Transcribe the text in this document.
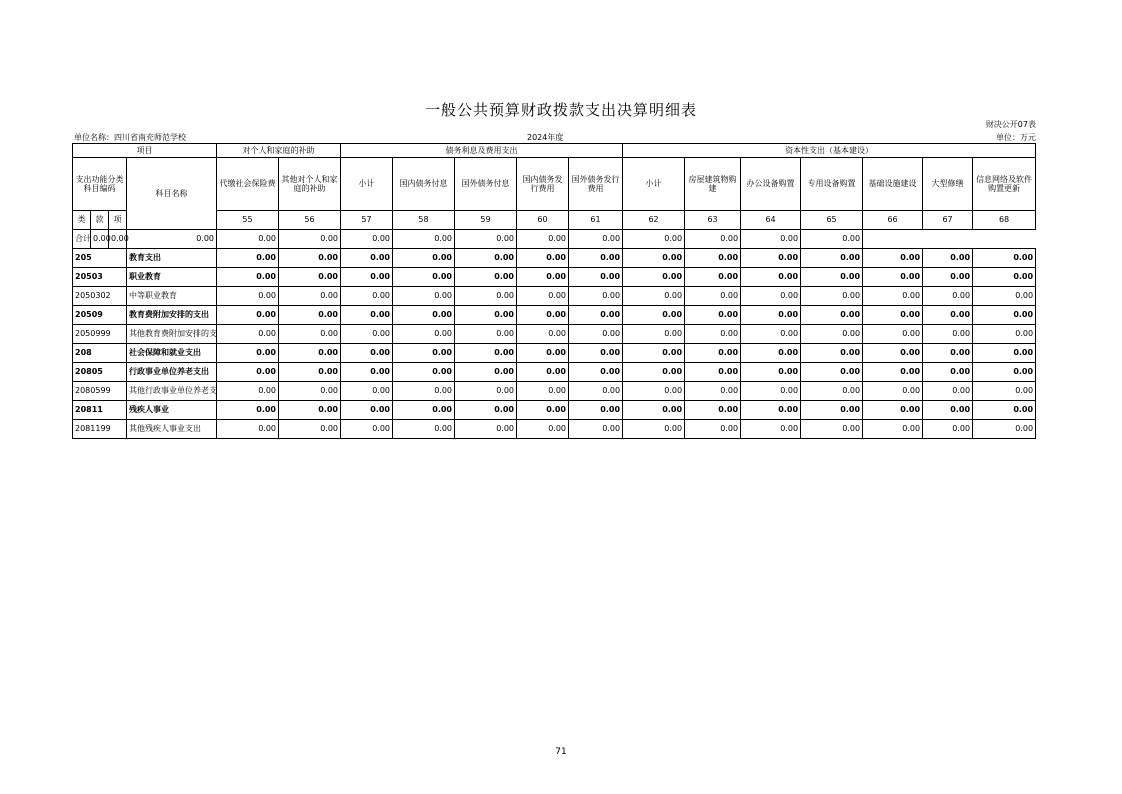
一般公共预算财政拨款支出决算明细表
财决公开07表
单位名称：四川省南充师范学校	2024年度	单位：万元
项目				对个人和家庭的补助		债务利息及费用支出					资本性支出（基本建设）						
支出功能分类科目编码			科目名称	代缴社会保险费	其他对个人和家庭的补助	小计	国内债务付息	国外债务付息	国内债务发行费用	国外债务发行费用	小计	房屋建筑物购建	办公设备购置	专用设备购置	基础设施建设	大型修缮	信息网络及软件购置更新
类	款	项		55	56	57	58	59	60	61	62	63	64	65	66	67	68
合计	0.00	0.00	0.00	0.00	0.00	0.00	0.00	0.00	0.00	0.00	0.00	0.00	0.00	0.00			
205			教育支出	0.00	0.00	0.00	0.00	0.00	0.00	0.00	0.00	0.00	0.00	0.00	0.00	0.00	0.00
20503			职业教育	0.00	0.00	0.00	0.00	0.00	0.00	0.00	0.00	0.00	0.00	0.00	0.00	0.00	0.00
2050302			中等职业教育	0.00	0.00	0.00	0.00	0.00	0.00	0.00	0.00	0.00	0.00	0.00	0.00	0.00	0.00
20509			教育费附加安排的支出	0.00	0.00	0.00	0.00	0.00	0.00	0.00	0.00	0.00	0.00	0.00	0.00	0.00	0.00
2050999			其他教育费附加安排的支	0.00	0.00	0.00	0.00	0.00	0.00	0.00	0.00	0.00	0.00	0.00	0.00	0.00	0.00
208			社会保障和就业支出	0.00	0.00	0.00	0.00	0.00	0.00	0.00	0.00	0.00	0.00	0.00	0.00	0.00	0.00
20805			行政事业单位养老支出	0.00	0.00	0.00	0.00	0.00	0.00	0.00	0.00	0.00	0.00	0.00	0.00	0.00	0.00
2080599			其他行政事业单位养老支	0.00	0.00	0.00	0.00	0.00	0.00	0.00	0.00	0.00	0.00	0.00	0.00	0.00	0.00
20811			残疾人事业	0.00	0.00	0.00	0.00	0.00	0.00	0.00	0.00	0.00	0.00	0.00	0.00	0.00	0.00
2081199			其他残疾人事业支出	0.00	0.00	0.00	0.00	0.00	0.00	0.00	0.00	0.00	0.00	0.00	0.00	0.00	0.00
71
